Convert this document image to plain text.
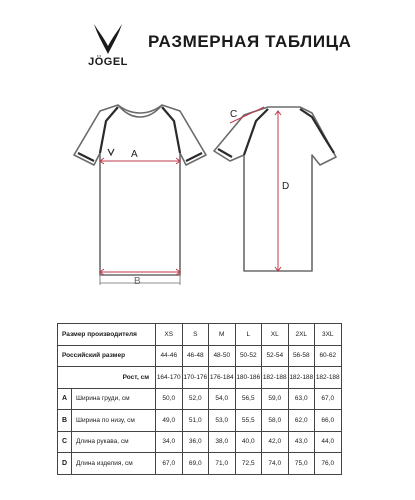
JÖGEL
РАЗМЕРНАЯ ТАБЛИЦА
A
B
C
D
Размер производителя		XS	S	M	L	XL	2XL	3XL
Российский размер		44-46	46-48	48-50	50-52	52-54	56-58	60-62
Рост, см		164-170	170-176	176-184	180-186	182-188	182-188	182-188
A	Ширина груди, см	50,0	52,0	54,0	56,5	59,0	63,0	67,0
B	Ширина по низу, см	49,0	51,0	53,0	55,5	58,0	62,0	66,0
C	Длина рукава, см	34,0	36,0	38,0	40,0	42,0	43,0	44,0
D	Длина изделия, см	67,0	69,0	71,0	72,5	74,0	75,0	76,0
